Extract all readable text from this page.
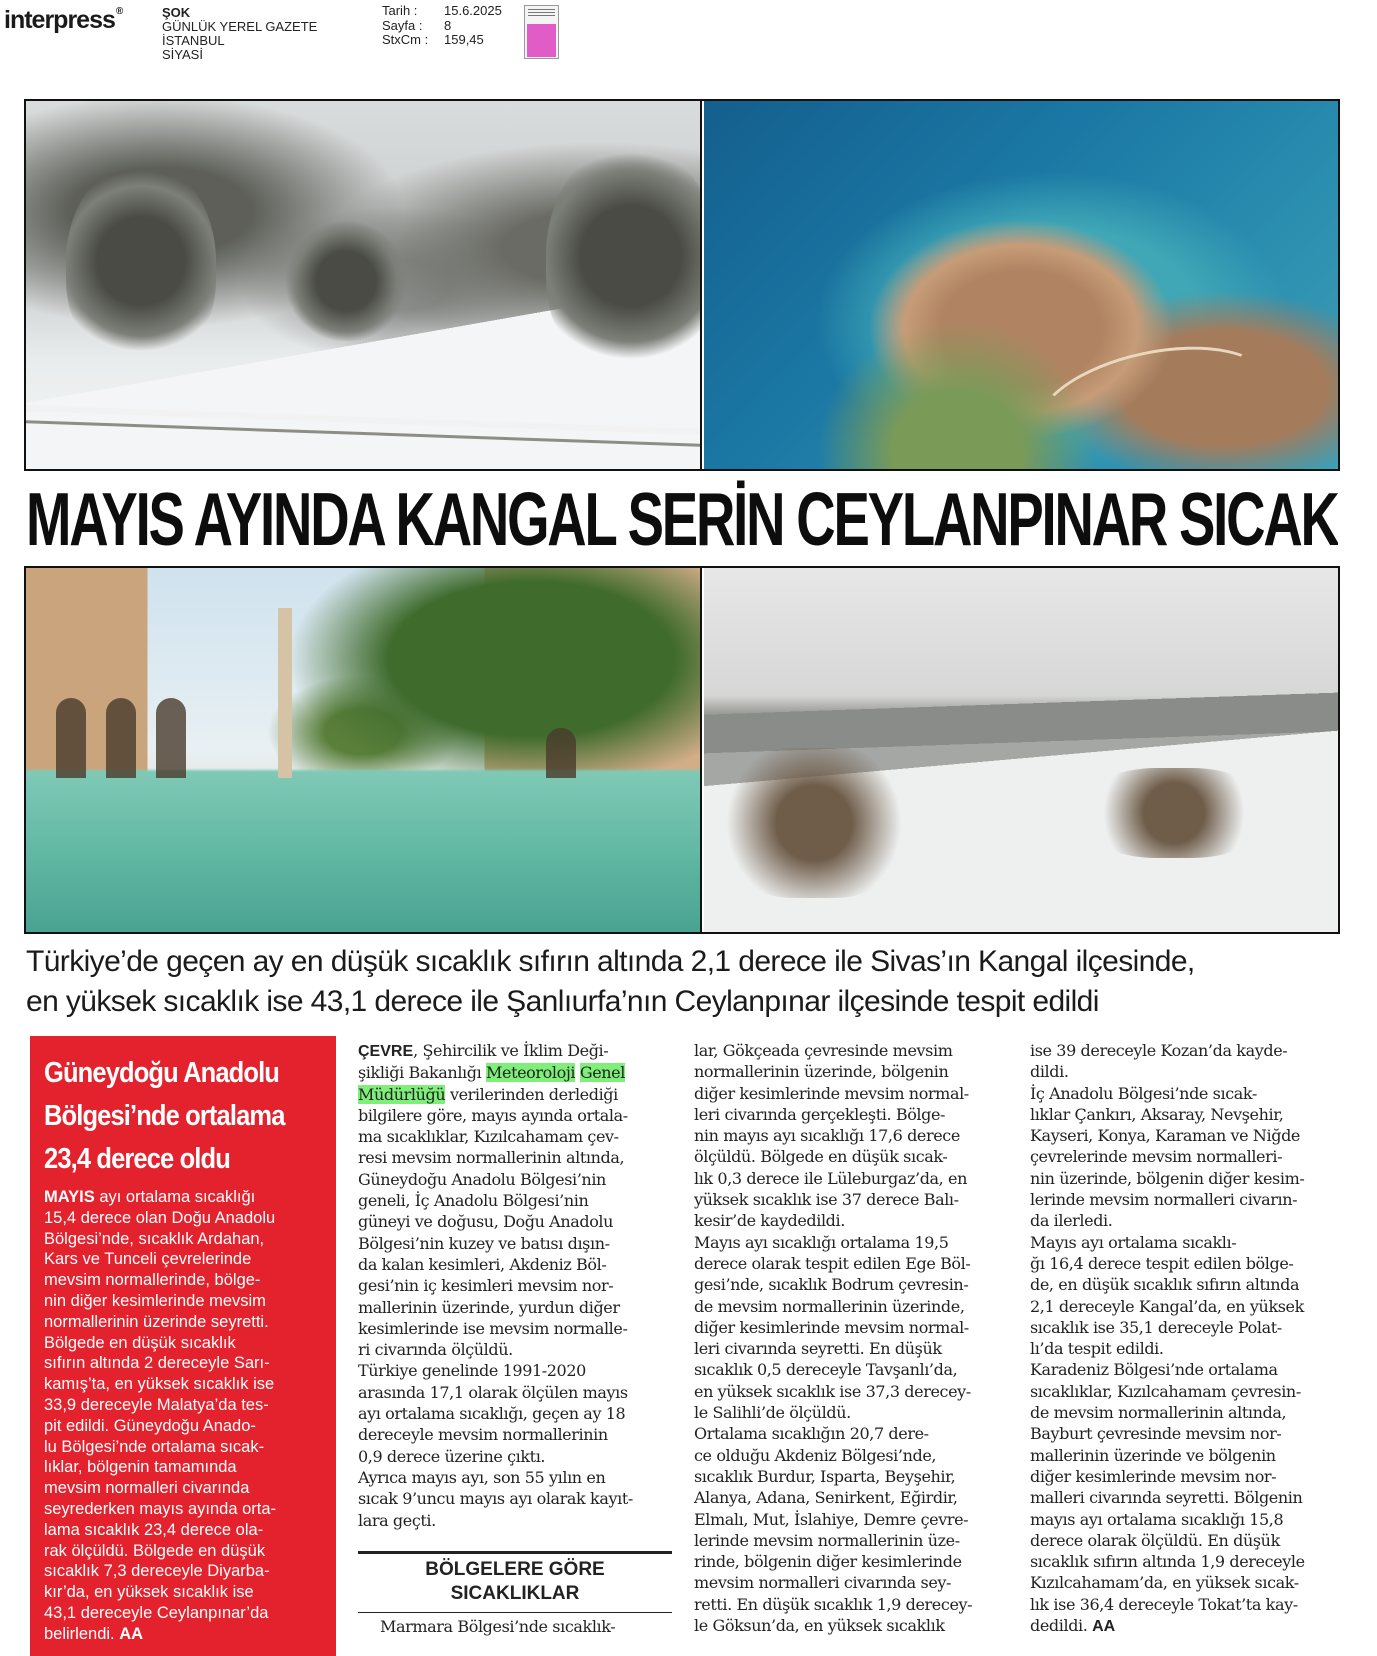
interpress®	ŞOK
GÜNLÜK YEREL GAZETE
İSTANBUL
SİYASİ
Tarih :	15.6.2025
Sayfa :	8
StxCm :	159,45
MAYIS AYINDA KANGAL SERİN CEYLANPINAR SICAK
Türkiye’de geçen ay en düşük sıcaklık sıfırın altında 2,1 derece ile Sivas’ın Kangal ilçesinde,
en yüksek sıcaklık ise 43,1 derece ile Şanlıurfa’nın Ceylanpınar ilçesinde tespit edildi
Güneydoğu Anadolu
Bölgesi’nde ortalama
23,4 derece oldu
MAYIS ayı ortalama sıcaklığı
15,4 derece olan Doğu Anadolu
Bölgesi’nde, sıcaklık Ardahan,
Kars ve Tunceli çevrelerinde
mevsim normallerinde, bölge-
nin diğer kesimlerinde mevsim
normallerinin üzerinde seyretti.
Bölgede en düşük sıcaklık
sıfırın altında 2 dereceyle Sarı-
kamış’ta, en yüksek sıcaklık ise
33,9 dereceyle Malatya’da tes-
pit edildi. Güneydoğu Anado-
lu Bölgesi’nde ortalama sıcak-
lıklar, bölgenin tamamında
mevsim normalleri civarında
seyrederken mayıs ayında orta-
lama sıcaklık 23,4 derece ola-
rak ölçüldü. Bölgede en düşük
sıcaklık 7,3 dereceyle Diyarba-
kır’da, en yüksek sıcaklık ise
43,1 dereceyle Ceylanpınar’da
belirlendi. AA
ÇEVRE, Şehircilik ve İklim Deği-
şikliği Bakanlığı Meteoroloji Genel
Müdürlüğü verilerinden derlediği
bilgilere göre, mayıs ayında ortala-
ma sıcaklıklar, Kızılcahamam çev-
resi mevsim normallerinin altında,
Güneydoğu Anadolu Bölgesi’nin
geneli, İç Anadolu Bölgesi’nin
güneyi ve doğusu, Doğu Anadolu
Bölgesi’nin kuzey ve batısı dışın-
da kalan kesimleri, Akdeniz Böl-
gesi’nin iç kesimleri mevsim nor-
mallerinin üzerinde, yurdun diğer
kesimlerinde ise mevsim normalle-
ri civarında ölçüldü.
Türkiye genelinde 1991-2020
arasında 17,1 olarak ölçülen mayıs
ayı ortalama sıcaklığı, geçen ay 18
dereceyle mevsim normallerinin
0,9 derece üzerine çıktı.
Ayrıca mayıs ayı, son 55 yılın en
sıcak 9’uncu mayıs ayı olarak kayıt-
lara geçti.
BÖLGELERE GÖRE
SICAKLIKLAR
Marmara Bölgesi’nde sıcaklık-
lar, Gökçeada çevresinde mevsim
normallerinin üzerinde, bölgenin
diğer kesimlerinde mevsim normal-
leri civarında gerçekleşti. Bölge-
nin mayıs ayı sıcaklığı 17,6 derece
ölçüldü. Bölgede en düşük sıcak-
lık 0,3 derece ile Lüleburgaz’da, en
yüksek sıcaklık ise 37 derece Balı-
kesir’de kaydedildi.
Mayıs ayı sıcaklığı ortalama 19,5
derece olarak tespit edilen Ege Böl-
gesi’nde, sıcaklık Bodrum çevresin-
de mevsim normallerinin üzerinde,
diğer kesimlerinde mevsim normal-
leri civarında seyretti. En düşük
sıcaklık 0,5 dereceyle Tavşanlı’da,
en yüksek sıcaklık ise 37,3 derecey-
le Salihli’de ölçüldü.
Ortalama sıcaklığın 20,7 dere-
ce olduğu Akdeniz Bölgesi’nde,
sıcaklık Burdur, Isparta, Beyşehir,
Alanya, Adana, Senirkent, Eğirdir,
Elmalı, Mut, İslahiye, Demre çevre-
lerinde mevsim normallerinin üze-
rinde, bölgenin diğer kesimlerinde
mevsim normalleri civarında sey-
retti. En düşük sıcaklık 1,9 derecey-
le Göksun’da, en yüksek sıcaklık
ise 39 dereceyle Kozan’da kayde-
dildi.
İç Anadolu Bölgesi’nde sıcak-
lıklar Çankırı, Aksaray, Nevşehir,
Kayseri, Konya, Karaman ve Niğde
çevrelerinde mevsim normalleri-
nin üzerinde, bölgenin diğer kesim-
lerinde mevsim normalleri civarın-
da ilerledi.
Mayıs ayı ortalama sıcaklı-
ğı 16,4 derece tespit edilen bölge-
de, en düşük sıcaklık sıfırın altında
2,1 dereceyle Kangal’da, en yüksek
sıcaklık ise 35,1 dereceyle Polat-
lı’da tespit edildi.
Karadeniz Bölgesi’nde ortalama
sıcaklıklar, Kızılcahamam çevresin-
de mevsim normallerinin altında,
Bayburt çevresinde mevsim nor-
mallerinin üzerinde ve bölgenin
diğer kesimlerinde mevsim nor-
malleri civarında seyretti. Bölgenin
mayıs ayı ortalama sıcaklığı 15,8
derece olarak ölçüldü. En düşük
sıcaklık sıfırın altında 1,9 dereceyle
Kızılcahamam’da, en yüksek sıcak-
lık ise 36,4 dereceyle Tokat’ta kay-
dedildi. AA
